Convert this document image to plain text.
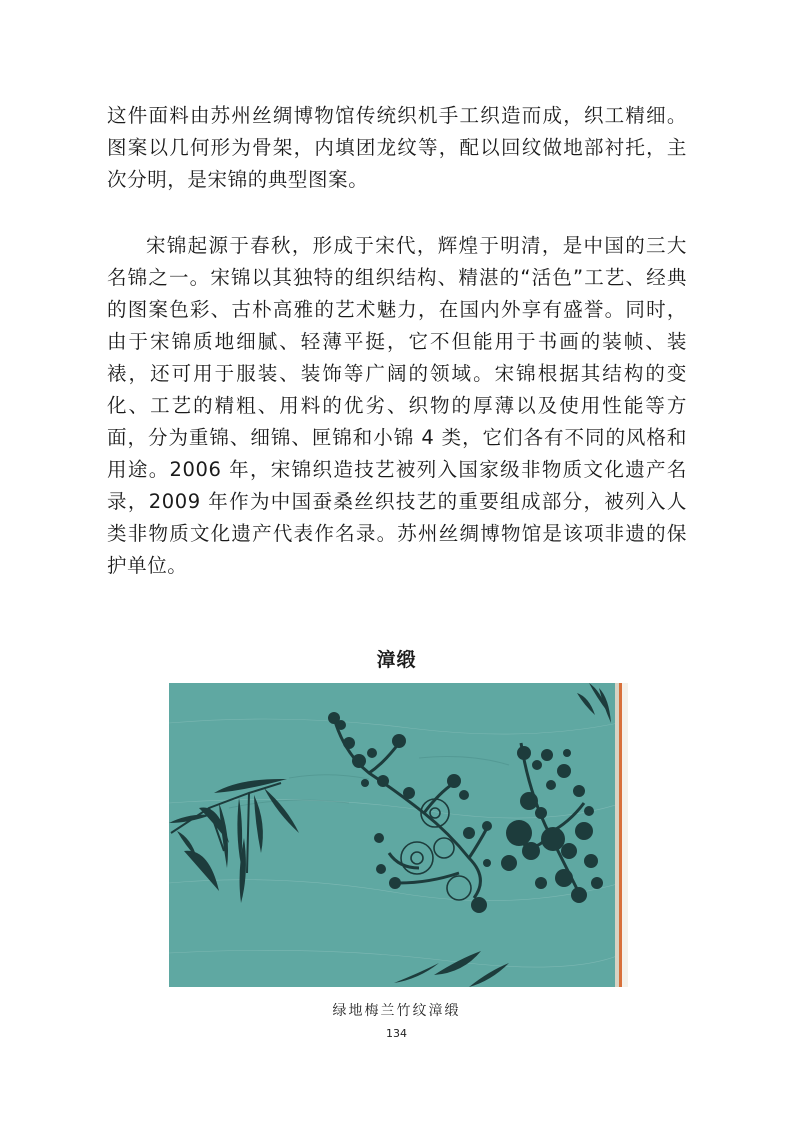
这件面料由苏州丝绸博物馆传统织机手工织造而成，织工精细。图案以几何形为骨架，内填团龙纹等，配以回纹做地部衬托，主次分明，是宋锦的典型图案。

宋锦起源于春秋，形成于宋代，辉煌于明清，是中国的三大名锦之一。宋锦以其独特的组织结构、精湛的“活色”工艺、经典的图案色彩、古朴高雅的艺术魅力，在国内外享有盛誉。同时，由于宋锦质地细腻、轻薄平挺，它不但能用于书画的装帧、装裱，还可用于服装、装饰等广阔的领域。宋锦根据其结构的变化、工艺的精粗、用料的优劣、织物的厚薄以及使用性能等方面，分为重锦、细锦、匣锦和小锦 4 类，它们各有不同的风格和用途。2006 年，宋锦织造技艺被列入国家级非物质文化遗产名录，2009 年作为中国蚕桑丝织技艺的重要组成部分，被列入人类非物质文化遗产代表作名录。苏州丝绸博物馆是该项非遗的保护单位。

漳缎
绿地梅兰竹纹漳缎
134
